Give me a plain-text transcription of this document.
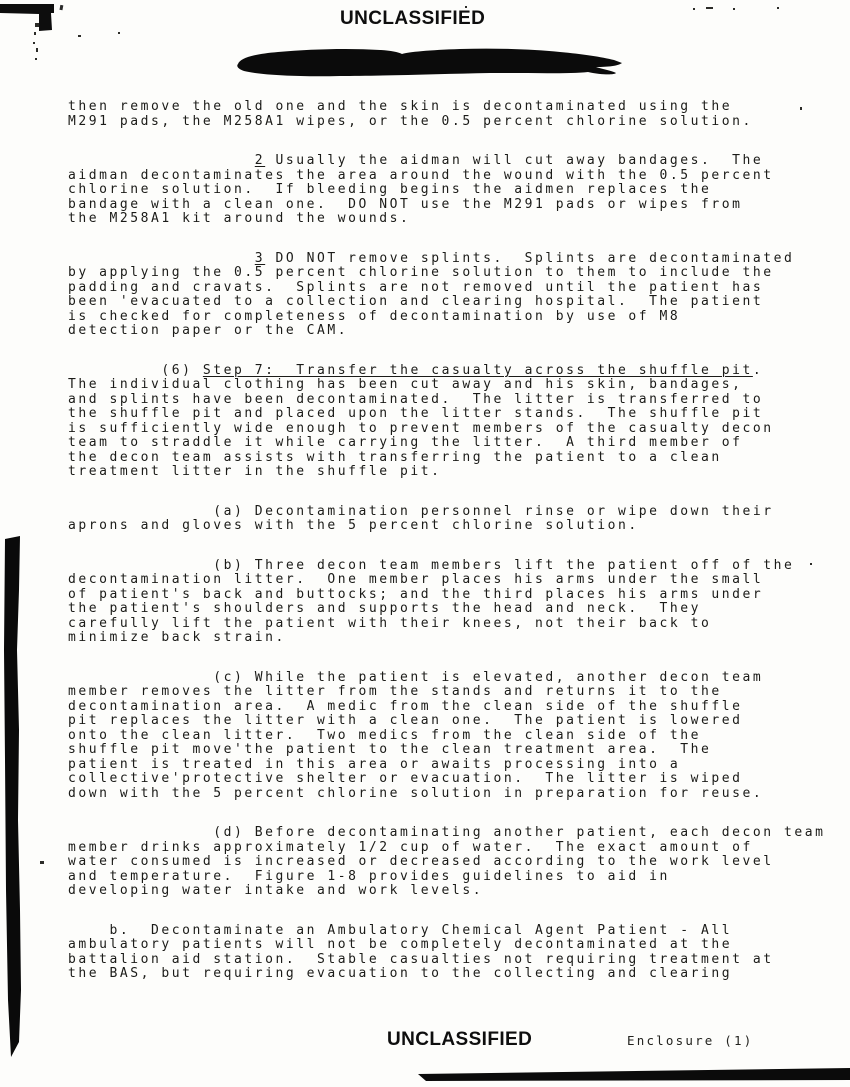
UNCLASSIFIED
then remove the old one and the skin is decontaminated using the
M291 pads, the M258A1 wipes, or the 0.5 percent chlorine solution.
2 Usually the aidman will cut away bandages.  The
aidman decontaminates the area around the wound with the 0.5 percent
chlorine solution.  If bleeding begins the aidmen replaces the
bandage with a clean one.  DO NOT use the M291 pads or wipes from
the M258A1 kit around the wounds.
3 DO NOT remove splints.  Splints are decontaminated
by applying the 0.5 percent chlorine solution to them to include the
padding and cravats.  Splints are not removed until the patient has
been 'evacuated to a collection and clearing hospital.  The patient
is checked for completeness of decontamination by use of M8
detection paper or the CAM.
(6) Step 7:  Transfer the casualty across the shuffle pit.
The individual clothing has been cut away and his skin, bandages,
and splints have been decontaminated.  The litter is transferred to
the shuffle pit and placed upon the litter stands.  The shuffle pit
is sufficiently wide enough to prevent members of the casualty decon
team to straddle it while carrying the litter.  A third member of
the decon team assists with transferring the patient to a clean
treatment litter in the shuffle pit.
(a) Decontamination personnel rinse or wipe down their
aprons and gloves with the 5 percent chlorine solution.
(b) Three decon team members lift the patient off of the
decontamination litter.  One member places his arms under the small
of patient's back and buttocks; and the third places his arms under
the patient's shoulders and supports the head and neck.  They
carefully lift the patient with their knees, not their back to
minimize back strain.
(c) While the patient is elevated, another decon team
member removes the litter from the stands and returns it to the
decontamination area.  A medic from the clean side of the shuffle
pit replaces the litter with a clean one.  The patient is lowered
onto the clean litter.  Two medics from the clean side of the
shuffle pit move'the patient to the clean treatment area.  The
patient is treated in this area or awaits processing into a
collective'protective shelter or evacuation.  The litter is wiped
down with the 5 percent chlorine solution in preparation for reuse.
(d) Before decontaminating another patient, each decon team
member drinks approximately 1/2 cup of water.  The exact amount of
water consumed is increased or decreased according to the work level
and temperature.  Figure 1-8 provides guidelines to aid in
developing water intake and work levels.
b.  Decontaminate an Ambulatory Chemical Agent Patient - All
ambulatory patients will not be completely decontaminated at the
battalion aid station.  Stable casualties not requiring treatment at
the BAS, but requiring evacuation to the collecting and clearing
UNCLASSIFIED	Enclosure (1)
